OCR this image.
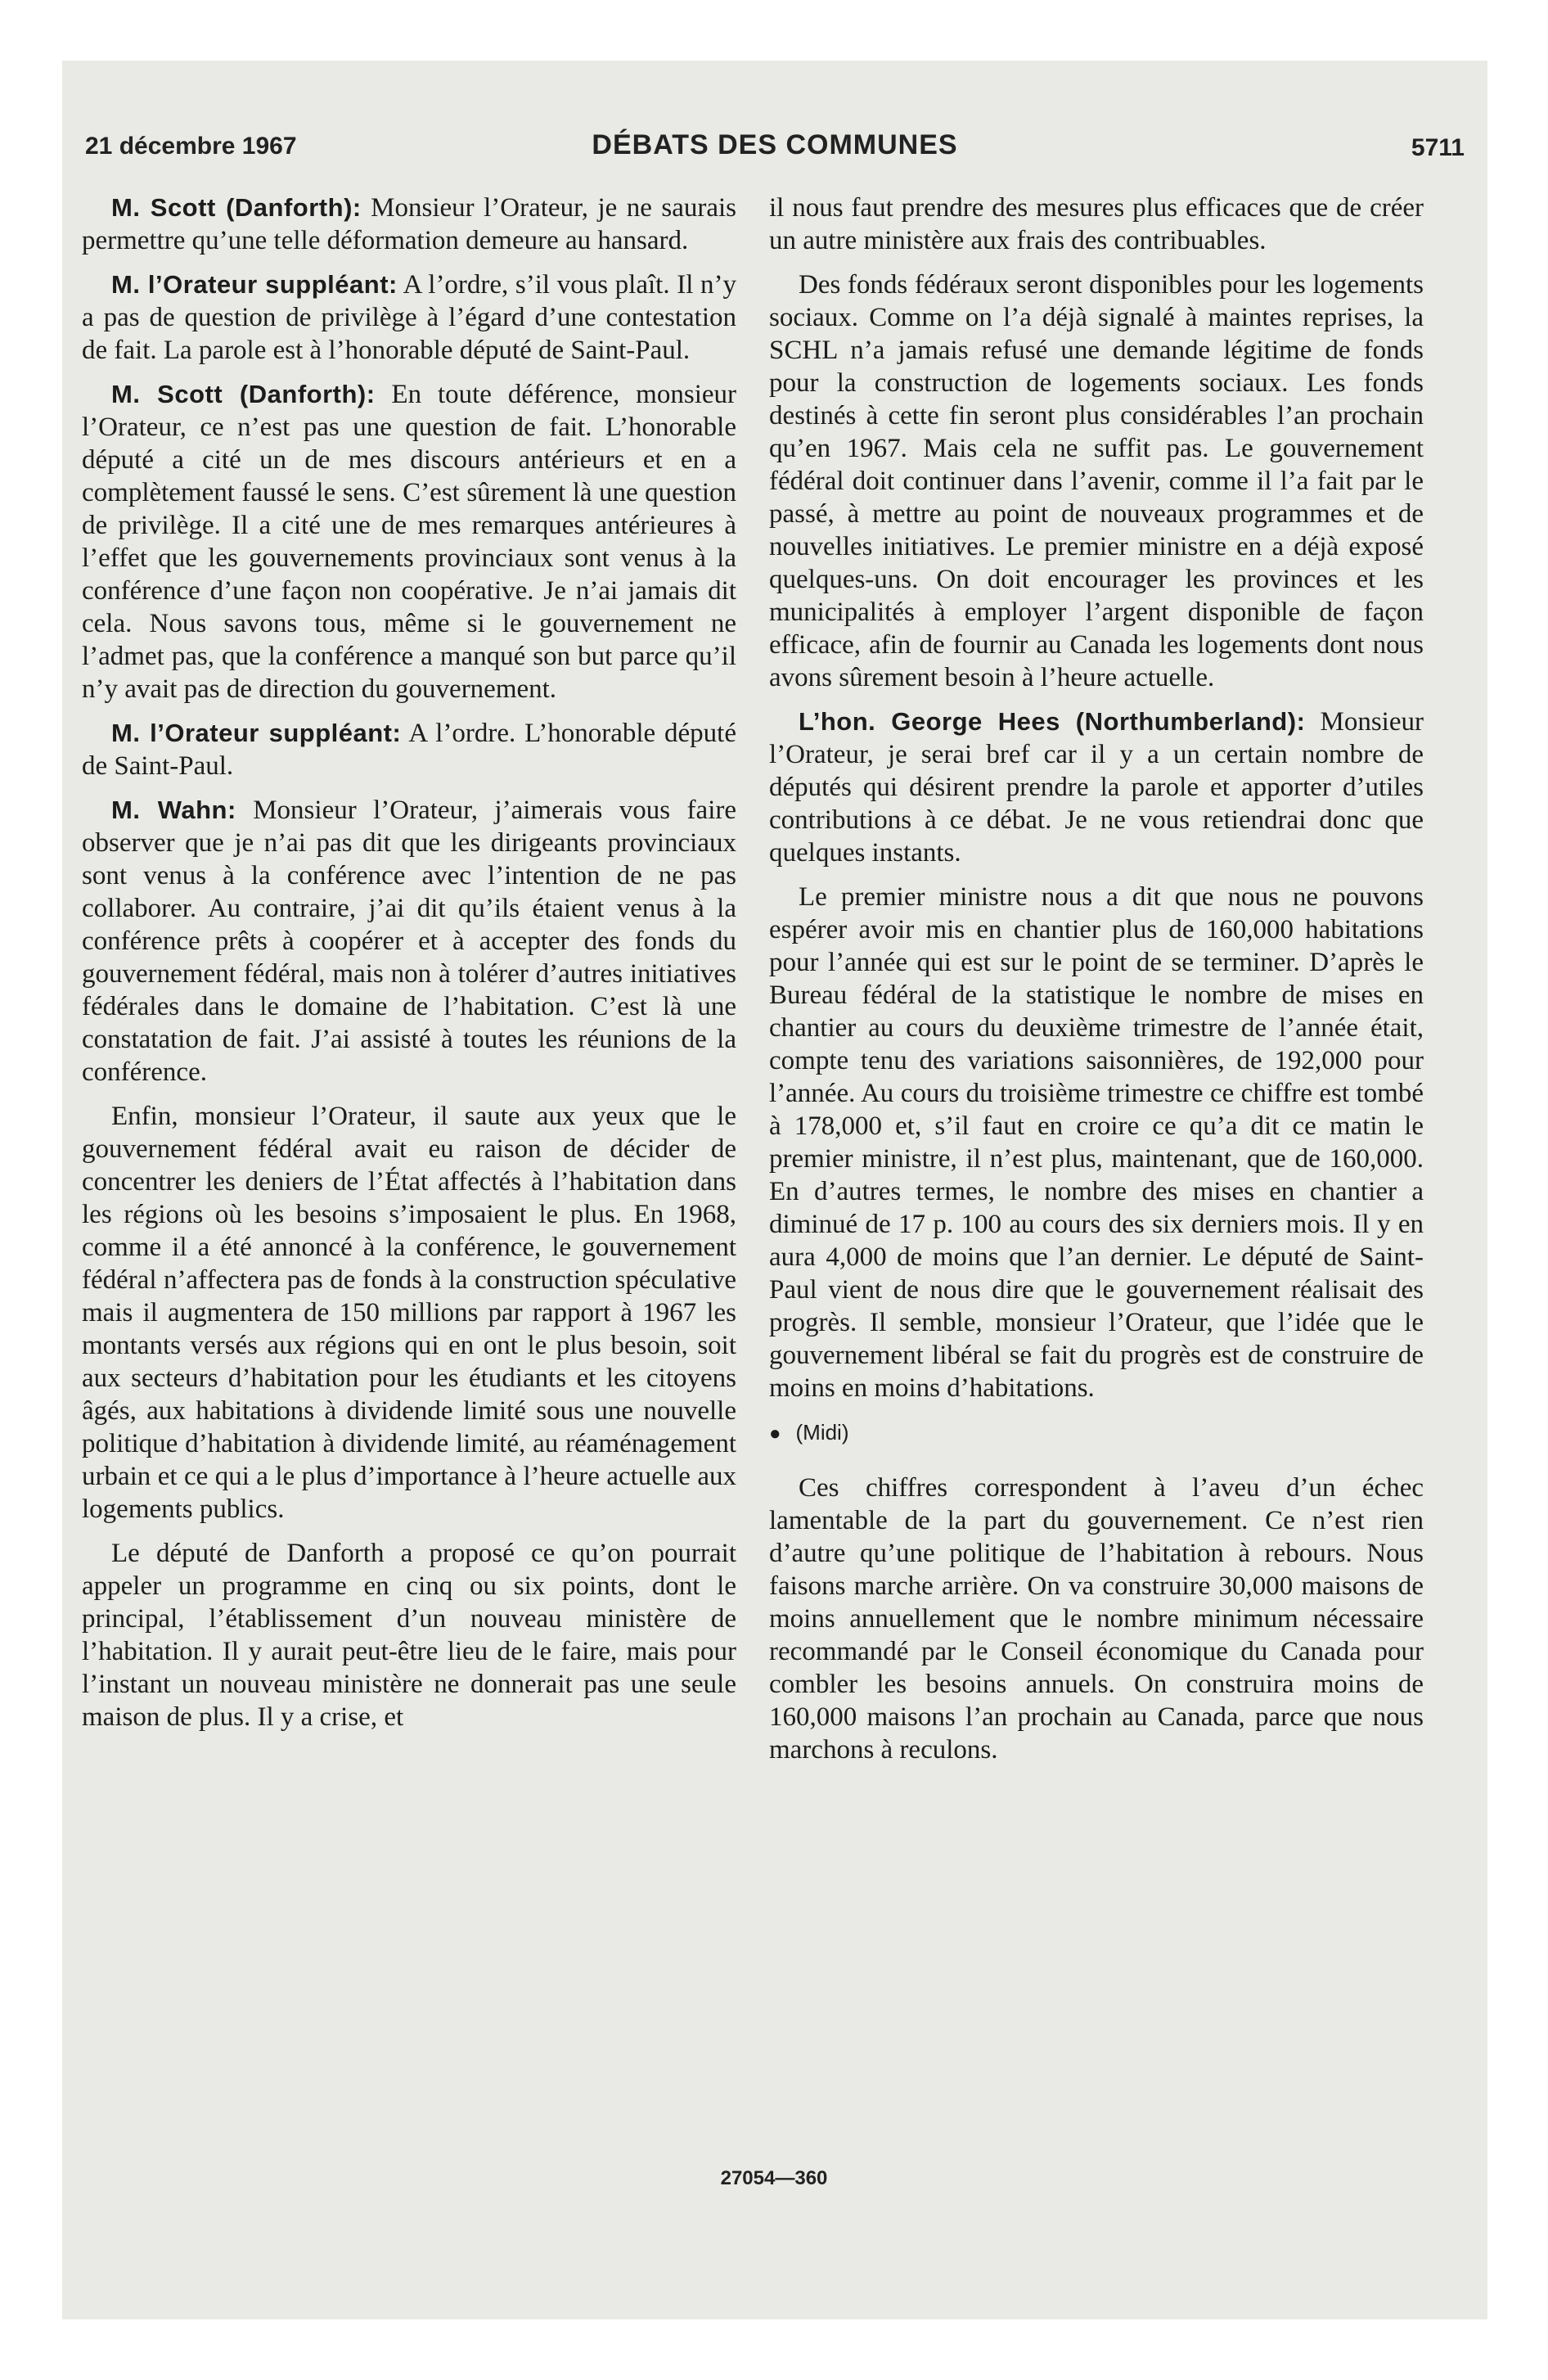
21 décembre 1967	DÉBATS DES COMMUNES	5711

M. Scott (Danforth): Monsieur l’Orateur, je ne saurais permettre qu’une telle déformation demeure au hansard.

M. l’Orateur suppléant: A l’ordre, s’il vous plaît. Il n’y a pas de question de privilège à l’égard d’une contestation de fait. La parole est à l’honorable député de Saint-Paul.

M. Scott (Danforth): En toute déférence, monsieur l’Orateur, ce n’est pas une question de fait. L’honorable député a cité un de mes discours antérieurs et en a complètement faussé le sens. C’est sûrement là une question de privilège. Il a cité une de mes remarques antérieures à l’effet que les gouvernements provinciaux sont venus à la conférence d’une façon non coopérative. Je n’ai jamais dit cela. Nous savons tous, même si le gouvernement ne l’admet pas, que la conférence a manqué son but parce qu’il n’y avait pas de direction du gouvernement.

M. l’Orateur suppléant: A l’ordre. L’honorable député de Saint-Paul.

M. Wahn: Monsieur l’Orateur, j’aimerais vous faire observer que je n’ai pas dit que les dirigeants provinciaux sont venus à la conférence avec l’intention de ne pas collaborer. Au contraire, j’ai dit qu’ils étaient venus à la conférence prêts à coopérer et à accepter des fonds du gouvernement fédéral, mais non à tolérer d’autres initiatives fédérales dans le domaine de l’habitation. C’est là une constatation de fait. J’ai assisté à toutes les réunions de la conférence.

Enfin, monsieur l’Orateur, il saute aux yeux que le gouvernement fédéral avait eu raison de décider de concentrer les deniers de l’État affectés à l’habitation dans les régions où les besoins s’imposaient le plus. En 1968, comme il a été annoncé à la conférence, le gouvernement fédéral n’affectera pas de fonds à la construction spéculative mais il augmentera de 150 millions par rapport à 1967 les montants versés aux régions qui en ont le plus besoin, soit aux secteurs d’habitation pour les étudiants et les citoyens âgés, aux habitations à dividende limité sous une nouvelle politique d’habitation à dividende limité, au réaménagement urbain et ce qui a le plus d’importance à l’heure actuelle aux logements publics.

Le député de Danforth a proposé ce qu’on pourrait appeler un programme en cinq ou six points, dont le principal, l’établissement d’un nouveau ministère de l’habitation. Il y aurait peut-être lieu de le faire, mais pour l’instant un nouveau ministère ne donnerait pas une seule maison de plus. Il y a crise, et

il nous faut prendre des mesures plus efficaces que de créer un autre ministère aux frais des contribuables.

Des fonds fédéraux seront disponibles pour les logements sociaux. Comme on l’a déjà signalé à maintes reprises, la SCHL n’a jamais refusé une demande légitime de fonds pour la construction de logements sociaux. Les fonds destinés à cette fin seront plus considérables l’an prochain qu’en 1967. Mais cela ne suffit pas. Le gouvernement fédéral doit continuer dans l’avenir, comme il l’a fait par le passé, à mettre au point de nouveaux programmes et de nouvelles initiatives. Le premier ministre en a déjà exposé quelques-uns. On doit encourager les provinces et les municipalités à employer l’argent disponible de façon efficace, afin de fournir au Canada les logements dont nous avons sûrement besoin à l’heure actuelle.

L’hon. George Hees (Northumberland): Monsieur l’Orateur, je serai bref car il y a un certain nombre de députés qui désirent prendre la parole et apporter d’utiles contributions à ce débat. Je ne vous retiendrai donc que quelques instants.

Le premier ministre nous a dit que nous ne pouvons espérer avoir mis en chantier plus de 160,000 habitations pour l’année qui est sur le point de se terminer. D’après le Bureau fédéral de la statistique le nombre de mises en chantier au cours du deuxième trimestre de l’année était, compte tenu des variations saisonnières, de 192,000 pour l’année. Au cours du troisième trimestre ce chiffre est tombé à 178,000 et, s’il faut en croire ce qu’a dit ce matin le premier ministre, il n’est plus, maintenant, que de 160,000. En d’autres termes, le nombre des mises en chantier a diminué de 17 p. 100 au cours des six derniers mois. Il y en aura 4,000 de moins que l’an dernier. Le député de Saint-Paul vient de nous dire que le gouvernement réalisait des progrès. Il semble, monsieur l’Orateur, que l’idée que le gouvernement libéral se fait du progrès est de construire de moins en moins d’habitations.

● (Midi)

Ces chiffres correspondent à l’aveu d’un échec lamentable de la part du gouvernement. Ce n’est rien d’autre qu’une politique de l’habitation à rebours. Nous faisons marche arrière. On va construire 30,000 maisons de moins annuellement que le nombre minimum nécessaire recommandé par le Conseil économique du Canada pour combler les besoins annuels. On construira moins de 160,000 maisons l’an prochain au Canada, parce que nous marchons à reculons.

27054—360
